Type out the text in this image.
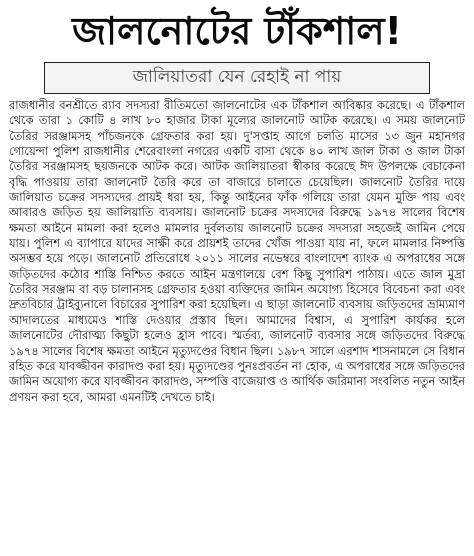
জালনোটের টাঁকশাল!
জালিয়াতরা যেন রেহাই না পায়
রাজধানীর বনশ্রীতে র‌্যাব সদস্যরা রীতিমতো জালনোটের এক টাঁকশাল আবিষ্কার করেছে। এ টাঁকশাল থেকে তারা ১ কোটি ৪ লাখ ৮০ হাজার টাকা মূল্যের জালনোট আটক করেছে। এ সময় জালনোট তৈরির সরঞ্জামসহ পাঁচজনকে গ্রেফতার করা হয়। দু'সপ্তাহ আগে চলতি মাসের ১৩ জুন মহানগর গোয়েন্দা পুলিশ রাজধানীর শেরেবাংলা নগরের একটি বাসা থেকে ৪০ লাখ জাল টাকা ও জাল টাকা তৈরির সরঞ্জামসহ ছয়জনকে আটক করে। আটক জালিয়াতরা স্বীকার করেছে ঈদ উপলক্ষে বেচাকেনা বৃদ্ধি পাওয়ায় তারা জালনোট তৈরি করে তা বাজারে চালাতে চেয়েছিল। জালনোট তৈরির দায়ে জালিয়াত চক্রের সদস্যদের প্রায়ই ধরা হয়, কিন্তু আইনের ফাঁক গলিয়ে তারা যেমন মুক্তি পায় এবং আবারও জড়িত হয় জালিয়াতি ব্যবসায়। জালনোট চক্রের সদস্যদের বিরুদ্ধে ১৯৭৪ সালের বিশেষ ক্ষমতা আইনে মামলা করা হলেও মামলার দুর্বলতায় জালনোট চক্রের সদস্যরা সহজেই জামিন পেয়ে যায়। পুলিশ এ ব্যাপারে যাদের সাক্ষী করে প্রায়শই তাদের খোঁজ পাওয়া যায় না, ফলে মামলার নিষ্পত্তি অসম্ভব হয়ে পড়ে। জালনোট প্রতিরোধে ২০১১ সালের নভেম্বরে বাংলাদেশ ব্যাংক এ অপরাধের সঙ্গে জড়িতদের কঠোর শাস্তি নিশ্চিত করতে আইন মন্ত্রণালয়ে বেশ কিছু সুপারিশ পাঠায়। এতে জাল মুদ্রা তৈরির সরঞ্জাম বা বড় চালানসহ গ্রেফতার হওয়া ব্যক্তিদের জামিন অযোগ্য হিসেবে বিবেচনা করা এবং দ্রুতবিচার ট্রাইব্যুনালে বিচারের সুপারিশ করা হয়েছিল। এ ছাড়া জালনোট ব্যবসায় জড়িতদের ভ্রাম্যমাণ আদালতের মাধ্যমেও শাস্তি দেওয়ার প্রস্তাব ছিল। আমাদের বিশ্বাস, এ সুপারিশ কার্যকর হলে জালনোটের দৌরাত্ম্য কিছুটা হলেও হ্রাস পাবে। স্মর্তব্য, জালনোট ব্যবসার সঙ্গে জড়িতদের বিরুদ্ধে ১৯৭৪ সালের বিশেষ ক্ষমতা আইনে মৃত্যুদণ্ডের বিধান ছিল। ১৯৮৭ সালে এরশাদ শাসনামলে সে বিধান রহিত করে যাবজ্জীবন কারাদণ্ড করা হয়। মৃত্যুদণ্ডের পুনঃপ্রবর্তন না হোক, এ অপরাধের সঙ্গে জড়িতদের জামিন অযোগ্য করে যাবজ্জীবন কারাদণ্ড, সম্পত্তি বাজেয়াপ্ত ও আর্থিক জরিমানা সংবলিত নতুন আইন প্রণয়ন করা হবে, আমরা এমনটিই দেখতে চাই।
